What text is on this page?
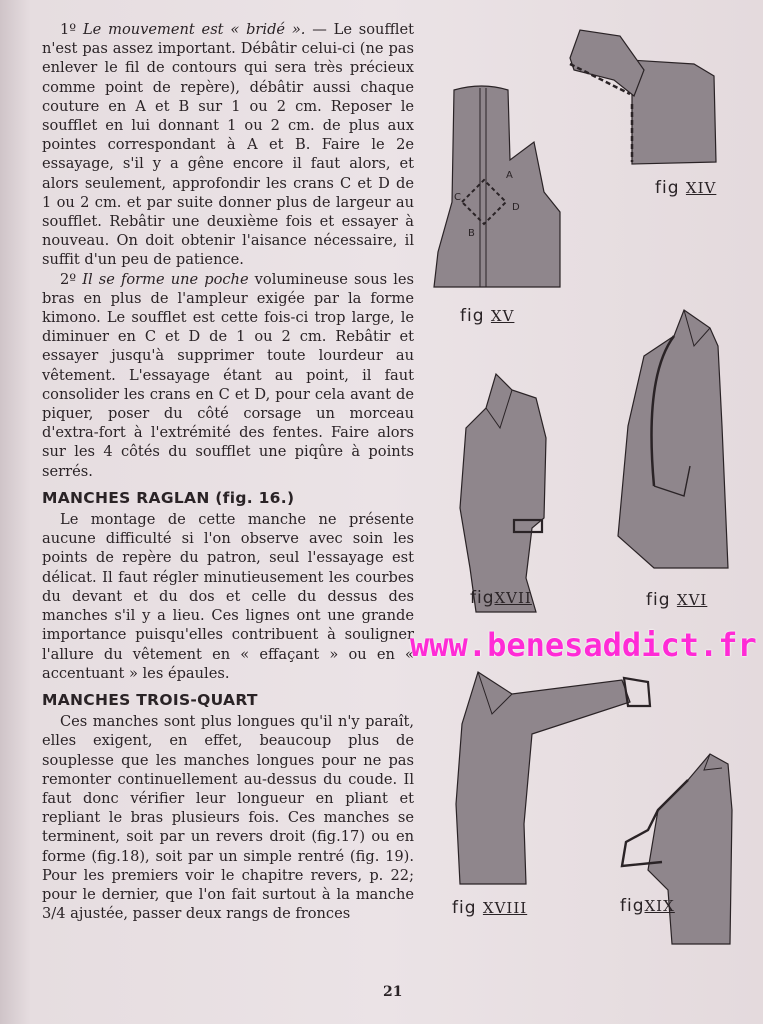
1º Le mouvement est « bridé ». — Le soufflet n'est pas assez important. Débâtir celui-ci (ne pas enlever le fil de contours qui sera très précieux comme point de repère), débâtir aussi chaque couture en A et B sur 1 ou 2 cm. Reposer le soufflet en lui donnant 1 ou 2 cm. de plus aux pointes correspondant à A et B. Faire le 2e essayage, s'il y a gêne encore il faut alors, et alors seulement, approfondir les crans C et D de 1 ou 2 cm. et par suite donner plus de largeur au soufflet. Rebâtir une deuxième fois et essayer à nouveau. On doit obtenir l'aisance nécessaire, il suffit d'un peu de patience.

2º Il se forme une poche volumineuse sous les bras en plus de l'ampleur exigée par la forme kimono. Le soufflet est cette fois-ci trop large, le diminuer en C et D de 1 ou 2 cm. Rebâtir et essayer jusqu'à supprimer toute lourdeur au vêtement. L'essayage étant au point, il faut consolider les crans en C et D, pour cela avant de piquer, poser du côté corsage un morceau d'extra-fort à l'extrémité des fentes. Faire alors sur les 4 côtés du soufflet une piqûre à points serrés.

MANCHES RAGLAN (fig. 16.)

Le montage de cette manche ne présente aucune difficulté si l'on observe avec soin les points de repère du patron, seul l'essayage est délicat. Il faut régler minutieusement les courbes du devant et du dos et celle du dessus des manches s'il y a lieu. Ces lignes ont une grande importance puisqu'elles contribuent à souligner l'allure du vêtement en « effaçant » ou en « accentuant » les épaules.

MANCHES TROIS-QUART

Ces manches sont plus longues qu'il n'y paraît, elles exigent, en effet, beaucoup plus de souplesse que les manches longues pour ne pas remonter continuellement au-dessus du coude. Il faut donc vérifier leur longueur en pliant et repliant le bras plusieurs fois. Ces manches se terminent, soit par un revers droit (fig.17) ou en forme (fig.18), soit par un simple rentré (fig. 19). Pour les premiers voir le chapitre revers, p. 22; pour le dernier, que l'on fait surtout à la manche 3/4 ajustée, passer deux rangs de fronces

fig XIV
C
A
D
B
fig XV
figXVII	fig XVI
fig XVIII	figXIX
www.benesaddict.fr
21
